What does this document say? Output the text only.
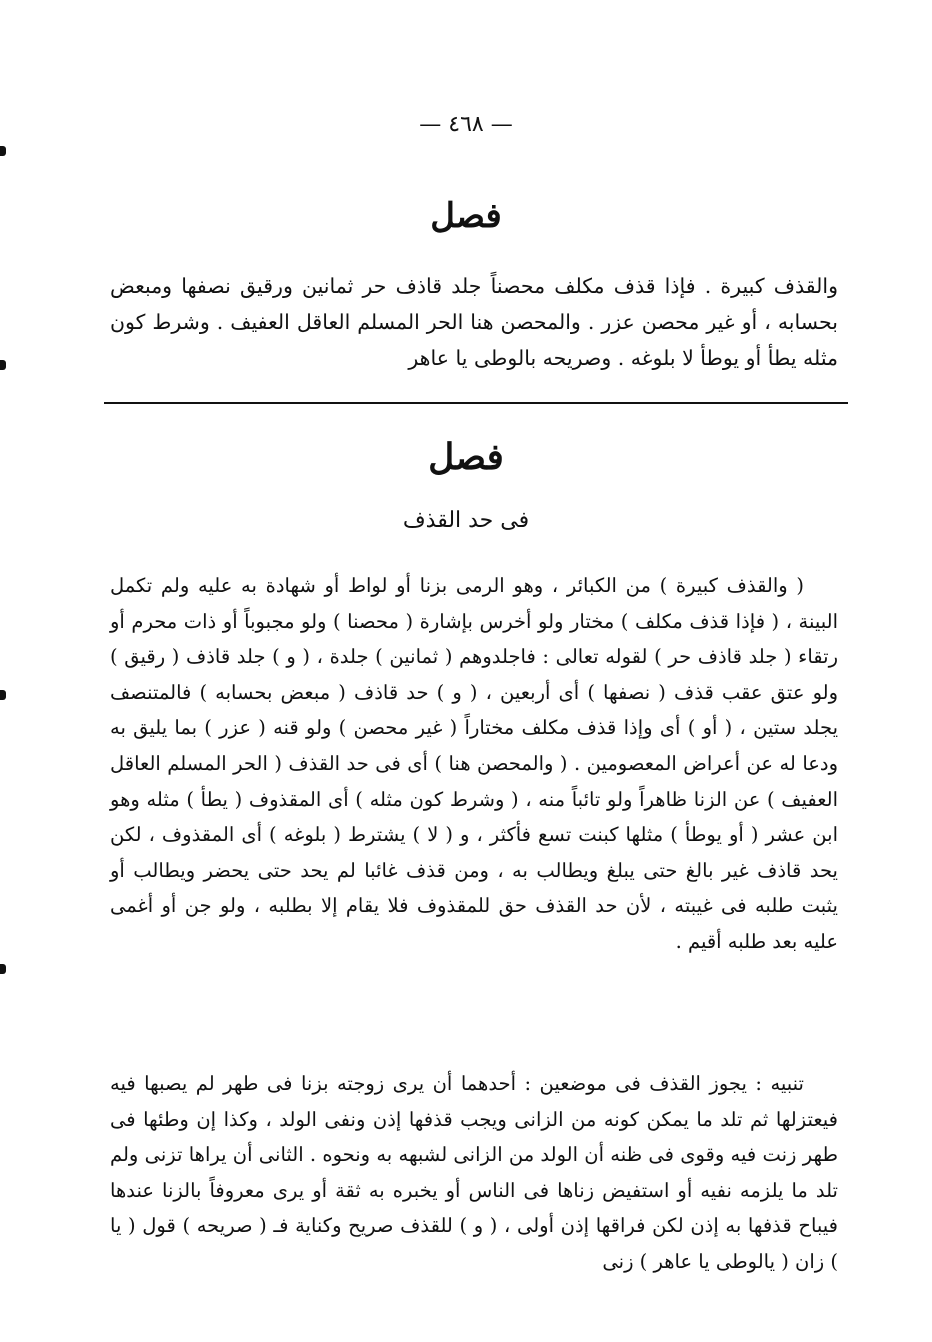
— ٤٦٨ —
فصل

والقذف كبيرة . فإذا قذف مكلف محصناً جلد قاذف حر ثمانين ورقيق نصفها ومبعض بحسابه ، أو غير محصن عزر . والمحصن هنا الحر المسلم العاقل العفيف . وشرط كون مثله يطأ أو يوطأ لا بلوغه . وصريحه بالوطى يا عاهر

فصل
فى حد القذف

( والقذف كبيرة ) من الكبائر ، وهو الرمى بزنا أو لواط أو شهادة به عليه ولم تكمل البينة ، ( فإذا قذف مكلف ) مختار ولو أخرس بإشارة ( محصنا ) ولو مجبوباً أو ذات محرم أو رتقاء ( جلد قاذف حر ) لقوله تعالى : فاجلدوهم ( ثمانين ) جلدة ، ( و ) جلد قاذف ( رقيق ) ولو عتق عقب قذف ( نصفها ) أى أربعين ، ( و ) حد قاذف ( مبعض بحسابه ) فالمتنصف يجلد ستين ، ( أو ) أى وإذا قذف مكلف مختاراً ( غير محصن ) ولو قنه ( عزر ) بما يليق به ودعا له عن أعراض المعصومين . ( والمحصن هنا ) أى فى حد القذف ( الحر المسلم العاقل العفيف ) عن الزنا ظاهراً ولو تائباً منه ، ( وشرط كون مثله ) أى المقذوف ( يطأ ) مثله وهو ابن عشر ( أو يوطأ ) مثلها كبنت تسع فأكثر ، و ( لا ) يشترط ( بلوغه ) أى المقذوف ، لكن يحد قاذف غير بالغ حتى يبلغ ويطالب به ، ومن قذف غائبا لم يحد حتى يحضر ويطالب أو يثبت طلبه فى غيبته ، لأن حد القذف حق للمقذوف فلا يقام إلا بطلبه ، ولو جن أو أغمى عليه بعد طلبه أقيم .

تنبيه : يجوز القذف فى موضعين : أحدهما أن يرى زوجته بزنا فى طهر لم يصبها فيه فيعتزلها ثم تلد ما يمكن كونه من الزانى ويجب قذفها إذن ونفى الولد ، وكذا إن وطئها فى طهر زنت فيه وقوى فى ظنه أن الولد من الزانى لشبهه به ونحوه . الثانى أن يراها تزنى ولم تلد ما يلزمه نفيه أو استفيض زناها فى الناس أو يخبره به ثقة أو يرى معروفاً بالزنا عندها فيباح قذفها به إذن لكن فراقها إذن أولى ، ( و ) للقذف صريح وكناية فـ ( صريحه ) قول ( يا ) زان ( يالوطى يا عاهر ) زنى
